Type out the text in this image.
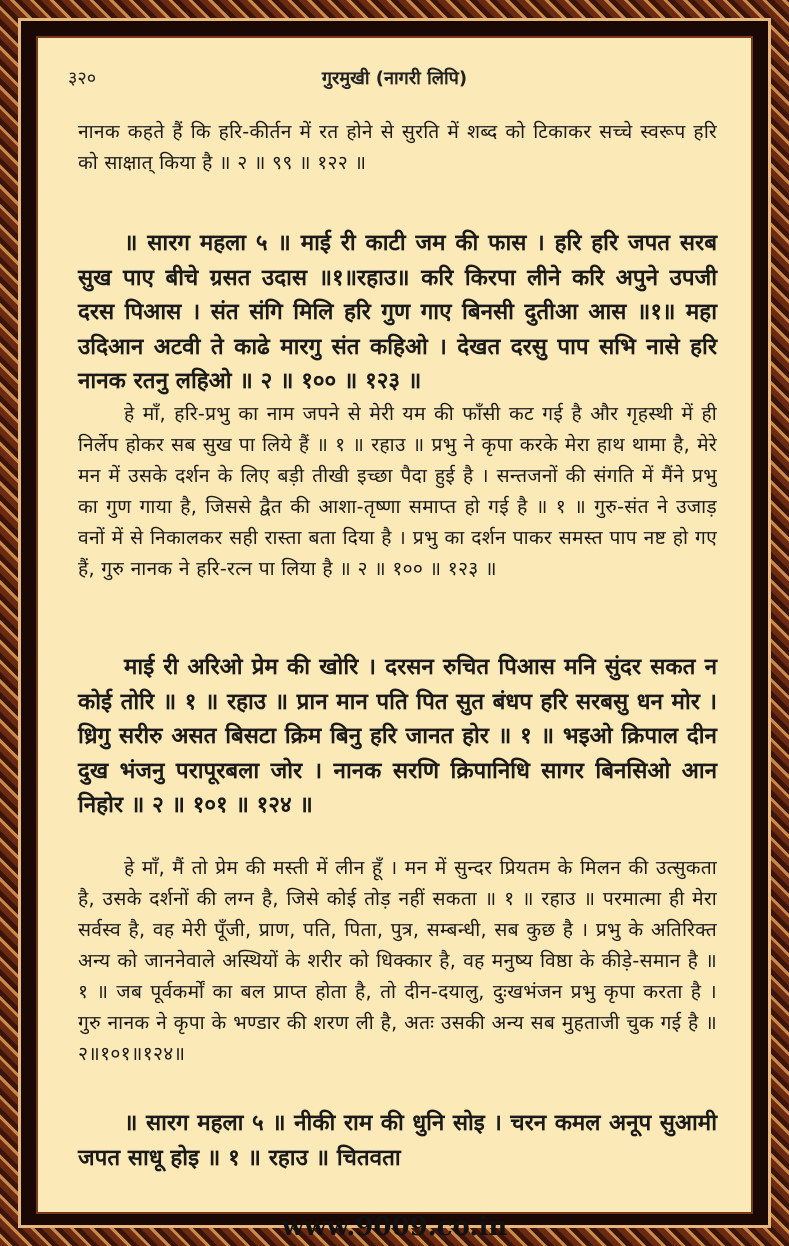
३२०	गुरमुखी (नागरी लिपि)
नानक कहते हैं कि हरि-कीर्तन में रत होने से सुरति में शब्द को टिकाकर सच्चे स्वरूप हरि को साक्षात् किया है ॥ २ ॥ ९९ ॥ १२२ ॥
॥ सारग महला ५ ॥ माई री काटी जम की फास । हरि हरि जपत सरब सुख पाए बीचे ग्रसत उदास ॥१॥रहाउ॥ करि किरपा लीने करि अपुने उपजी दरस पिआस । संत संगि मिलि हरि गुण गाए बिनसी दुतीआ आस ॥१॥ महा उदिआन अटवी ते काढे मारगु संत कहिओ । देखत दरसु पाप सभि नासे हरि नानक रतनु लहिओ ॥ २ ॥ १०० ॥ १२३ ॥
हे माँ, हरि-प्रभु का नाम जपने से मेरी यम की फाँसी कट गई है और गृहस्थी में ही निर्लेप होकर सब सुख पा लिये हैं ॥ १ ॥ रहाउ ॥ प्रभु ने कृपा करके मेरा हाथ थामा है, मेरे मन में उसके दर्शन के लिए बड़ी तीखी इच्छा पैदा हुई है । सन्तजनों की संगति में मैंने प्रभु का गुण गाया है, जिससे द्वैत की आशा-तृष्णा समाप्त हो गई है ॥ १ ॥ गुरु-संत ने उजाड़ वनों में से निकालकर सही रास्ता बता दिया है । प्रभु का दर्शन पाकर समस्त पाप नष्ट हो गए हैं, गुरु नानक ने हरि-रत्न पा लिया है ॥ २ ॥ १०० ॥ १२३ ॥
माई री अरिओ प्रेम की खोरि । दरसन रुचित पिआस मनि सुंदर सकत न कोई तोरि ॥ १ ॥ रहाउ ॥ प्रान मान पति पित सुत बंधप हरि सरबसु धन मोर । ध्रिगु सरीरु असत बिसटा क्रिम बिनु हरि जानत होर ॥ १ ॥ भइओ क्रिपाल दीन दुख भंजनु परापूरबला जोर । नानक सरणि क्रिपानिधि सागर बिनसिओ आन निहोर ॥ २ ॥ १०१ ॥ १२४ ॥
हे माँ, मैं तो प्रेम की मस्ती में लीन हूँ । मन में सुन्दर प्रियतम के मिलन की उत्सुकता है, उसके दर्शनों की लग्न है, जिसे कोई तोड़ नहीं सकता ॥ १ ॥ रहाउ ॥ परमात्मा ही मेरा सर्वस्व है, वह मेरी पूँजी, प्राण, पति, पिता, पुत्र, सम्बन्धी, सब कुछ है । प्रभु के अतिरिक्त अन्य को जाननेवाले अस्थियों के शरीर को धिक्कार है, वह मनुष्य विष्ठा के कीड़े-समान है ॥ १ ॥ जब पूर्वकर्मों का बल प्राप्त होता है, तो दीन-दयालु, दुःखभंजन प्रभु कृपा करता है । गुरु नानक ने कृपा के भण्डार की शरण ली है, अतः उसकी अन्य सब मुहताजी चुक गई है ॥२॥१०१॥१२४॥
॥ सारग महला ५ ॥ नीकी राम की धुनि सोइ । चरन कमल अनूप सुआमी जपत साधू होइ ॥ १ ॥ रहाउ ॥ चितवता
www.9009.co.in
